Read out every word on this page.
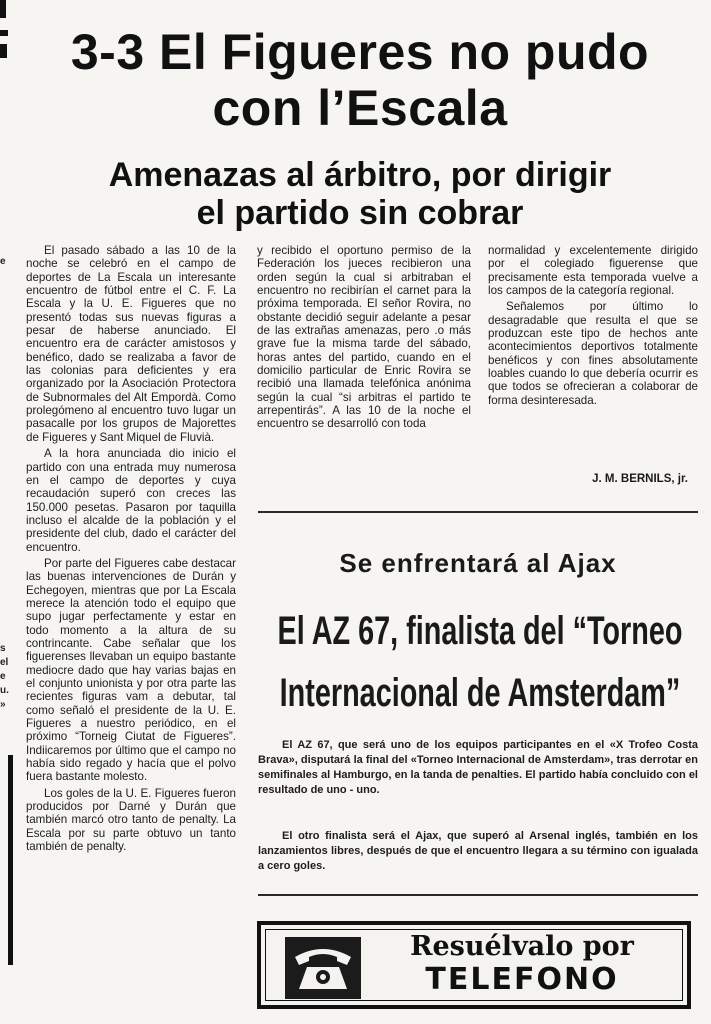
e
s
el
e
u.
»
3-3 El Figueres no pudo
con l’Escala
Amenazas al árbitro, por dirigir
el partido sin cobrar

El pasado sábado a las 10 de la noche se celebró en el campo de deportes de La Escala un interesante encuentro de fútbol entre el C. F. La Escala y la U. E. Figueres que no presentó todas sus nuevas figuras a pesar de haberse anunciado. El encuentro era de carácter amistosos y benéfico, dado se realizaba a favor de las colonias para deficientes y era organizado por la Asociación Protectora de Subnormales del Alt Empordà. Como prolegómeno al encuentro tuvo lugar un pasacalle por los grupos de Majorettes de Figueres y Sant Miquel de Fluvià.

A la hora anunciada dio inicio el partido con una entrada muy numerosa en el campo de deportes y cuya recaudación superó con creces las 150.000 pesetas. Pasaron por taquilla incluso el alcalde de la población y el presidente del club, dado el carácter del encuentro.

Por parte del Figueres cabe destacar las buenas intervenciones de Durán y Echegoyen, mientras que por La Escala merece la atención todo el equipo que supo jugar perfectamente y estar en todo momento a la altura de su contrincante. Cabe señalar que los figuerenses llevaban un equipo bastante mediocre dado que hay varias bajas en el conjunto unionista y por otra parte las recientes figuras vam a debutar, tal como señaló el presidente de la U. E. Figueres a nuestro periódico, en el próximo “Torneig Ciutat de Figueres”. Indiicaremos por último que el campo no había sido regado y hacía que el polvo fuera bastante molesto.

Los goles de la U. E. Figueres fueron producidos por Darné y Durán que también marcó otro tanto de penalty. La Escala por su parte obtuvo un tanto también de penalty.

y recibido el oportuno permiso de la Federación los jueces recibieron una orden según la cual si arbitraban el encuentro no recibirían el carnet para la próxima temporada. El señor Rovira, no obstante decidió seguir adelante a pesar de las extrañas amenazas, pero .o más grave fue la misma tarde del sábado, horas antes del partido, cuando en el domicilio particular de Enric Rovira se recibió una llamada telefónica anónima según la cual “si arbitras el partido te arrepentirás”. A las 10 de la noche el encuentro se desarrolló con toda

normalidad y excelentemente dirigido por el colegiado figuerense que precisamente esta temporada vuelve a los campos de la categoría regional.

Señalemos por último lo desagradable que resulta el que se produzcan este tipo de hechos ante acontecimientos deportivos totalmente benéficos y con fines absolutamente loables cuando lo que debería ocurrir es que todos se ofrecieran a colaborar de forma desinteresada.

J. M. BERNILS, jr.
Se enfrentará al Ajax
El AZ 67, finalista del “Torneo
Internacional de Amsterdam”

El AZ 67, que será uno de los equipos participantes en el «X Trofeo Costa Brava», disputará la final del «Torneo Internacional de Amsterdam», tras derrotar en semifinales al Hamburgo, en la tanda de penalties. El partido había concluido con el resultado de uno - uno.

El otro finalista será el Ajax, que superó al Arsenal inglés, también en los lanzamientos libres, después de que el encuentro llegara a su término con igualada a cero goles.

Resuélvalo por
TELEFONO
